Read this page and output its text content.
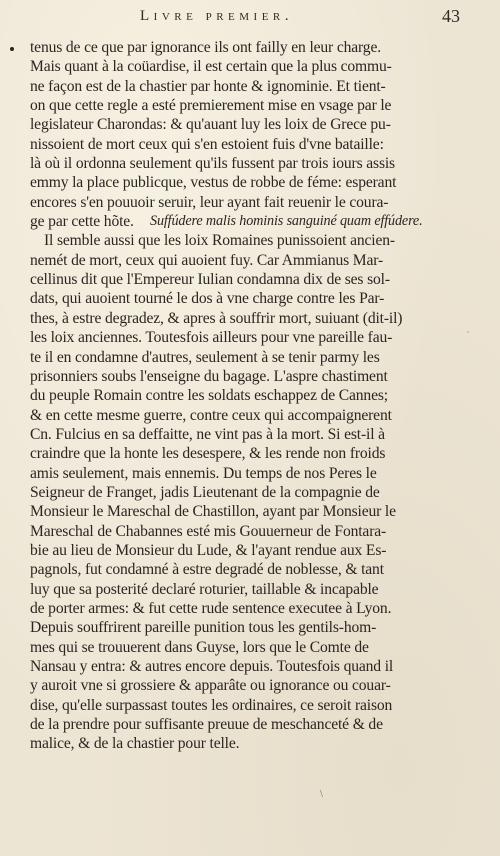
Livre premier.	43
tenus de ce que par ignorance ils ont failly en leur charge.
Mais quant à la coüardise, il est certain que la plus commu-
ne façon est de la chastier par honte & ignominie. Et tient-
on que cette regle a esté premierement mise en vsage par le
legislateur Charondas: & qu'auant luy les loix de Grece pu-
nissoient de mort ceux qui s'en estoient fuis d'vne bataille:
là où il ordonna seulement qu'ils fussent par trois iours assis
emmy la place publicque, vestus de robbe de féme: esperant
encores s'en pouuoir seruir, leur ayant fait reuenir le coura-
ge par cette hõte. Suffúdere malis hominis sanguiné quam effúdere.
Il semble aussi que les loix Romaines punissoient ancien-
nemét de mort, ceux qui auoient fuy. Car Ammianus Mar-
cellinus dit que l'Empereur Iulian condamna dix de ses sol-
dats, qui auoient tourné le dos à vne charge contre les Par-
thes, à estre degradez, & apres à souffrir mort, suiuant (dit-il)
les loix anciennes. Toutesfois ailleurs pour vne pareille fau-
te il en condamne d'autres, seulement à se tenir parmy les
prisonniers soubs l'enseigne du bagage. L'aspre chastiment
du peuple Romain contre les soldats eschappez de Cannes;
& en cette mesme guerre, contre ceux qui accompaignerent
Cn. Fulcius en sa deffaitte, ne vint pas à la mort. Si est-il à
craindre que la honte les desespere, & les rende non froids
amis seulement, mais ennemis. Du temps de nos Peres le
Seigneur de Franget, jadis Lieutenant de la compagnie de
Monsieur le Mareschal de Chastillon, ayant par Monsieur le
Mareschal de Chabannes esté mis Gouuerneur de Fontara-
bie au lieu de Monsieur du Lude, & l'ayant rendue aux Es-
pagnols, fut condamné à estre degradé de noblesse, & tant
luy que sa posterité declaré roturier, taillable & incapable
de porter armes: & fut cette rude sentence executee à Lyon.
Depuis souffrirent pareille punition tous les gentils-hom-
mes qui se trouuerent dans Guyse, lors que le Comte de
Nansau y entra: & autres encore depuis. Toutesfois quand il
y auroit vne si grossiere & apparâte ou ignorance ou couar-
dise, qu'elle surpassast toutes les ordinaires, ce seroit raison
de la prendre pour suffisante preuue de meschanceté & de
malice, & de la chastier pour telle.
´
\
